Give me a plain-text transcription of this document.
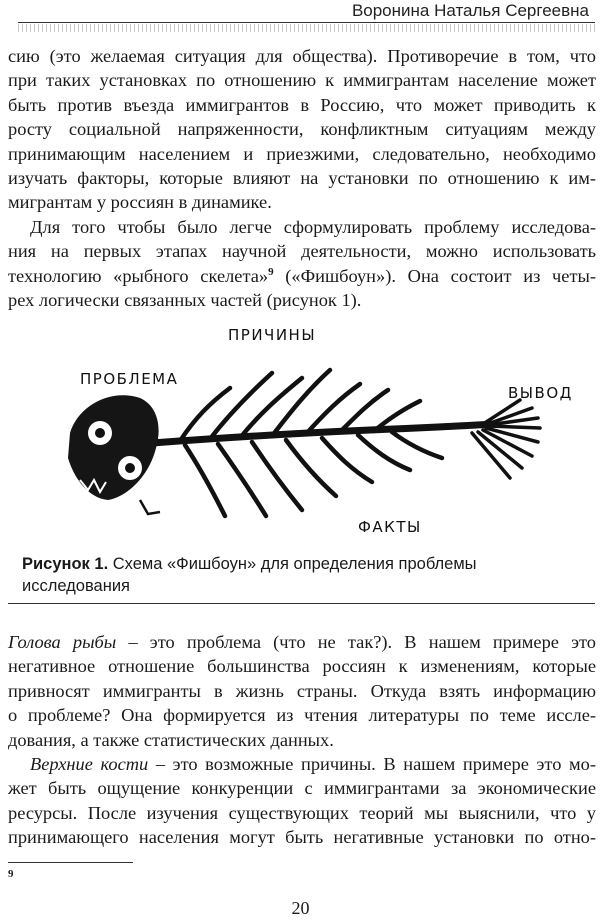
Воронина Наталья Сергеевна
сию (это желаемая ситуация для общества). Противоречие в том, что
при таких установках по отношению к иммигрантам население может
быть против въезда иммигрантов в Россию, что может приводить к
росту социальной напряженности, конфликтным ситуациям между
принимающим населением и приезжими, следовательно, необходимо
изучать факторы, которые влияют на установки по отношению к им-
мигрантам у россиян в динамике.
Для того чтобы было легче сформулировать проблему исследова-
ния на первых этапах научной деятельности, можно использовать
технологию «рыбного скелета»$^9$ («Фишбоун»). Она состоит из четы-
рех логически связанных частей (рисунок 1).
ПРИЧИНЫ
ПРОБЛЕМА
ВЫВОД
ФАКТЫ
Рисунок 1. Схема «Фишбоун» для определения проблемы
исследования
Голова рыбы – это проблема (что не так?). В нашем примере это
негативное отношение большинства россиян к изменениям, которые
привносят иммигранты в жизнь страны. Откуда взять информацию
о проблеме? Она формируется из чтения литературы по теме иссле-
дования, а также статистических данных.
Верхние кости – это возможные причины. В нашем примере это мо-
жет быть ощущение конкуренции с иммигрантами за экономические
ресурсы. После изучения существующих теорий мы выяснили, что у
принимающего населения могут быть негативные установки по отно-
9
20
